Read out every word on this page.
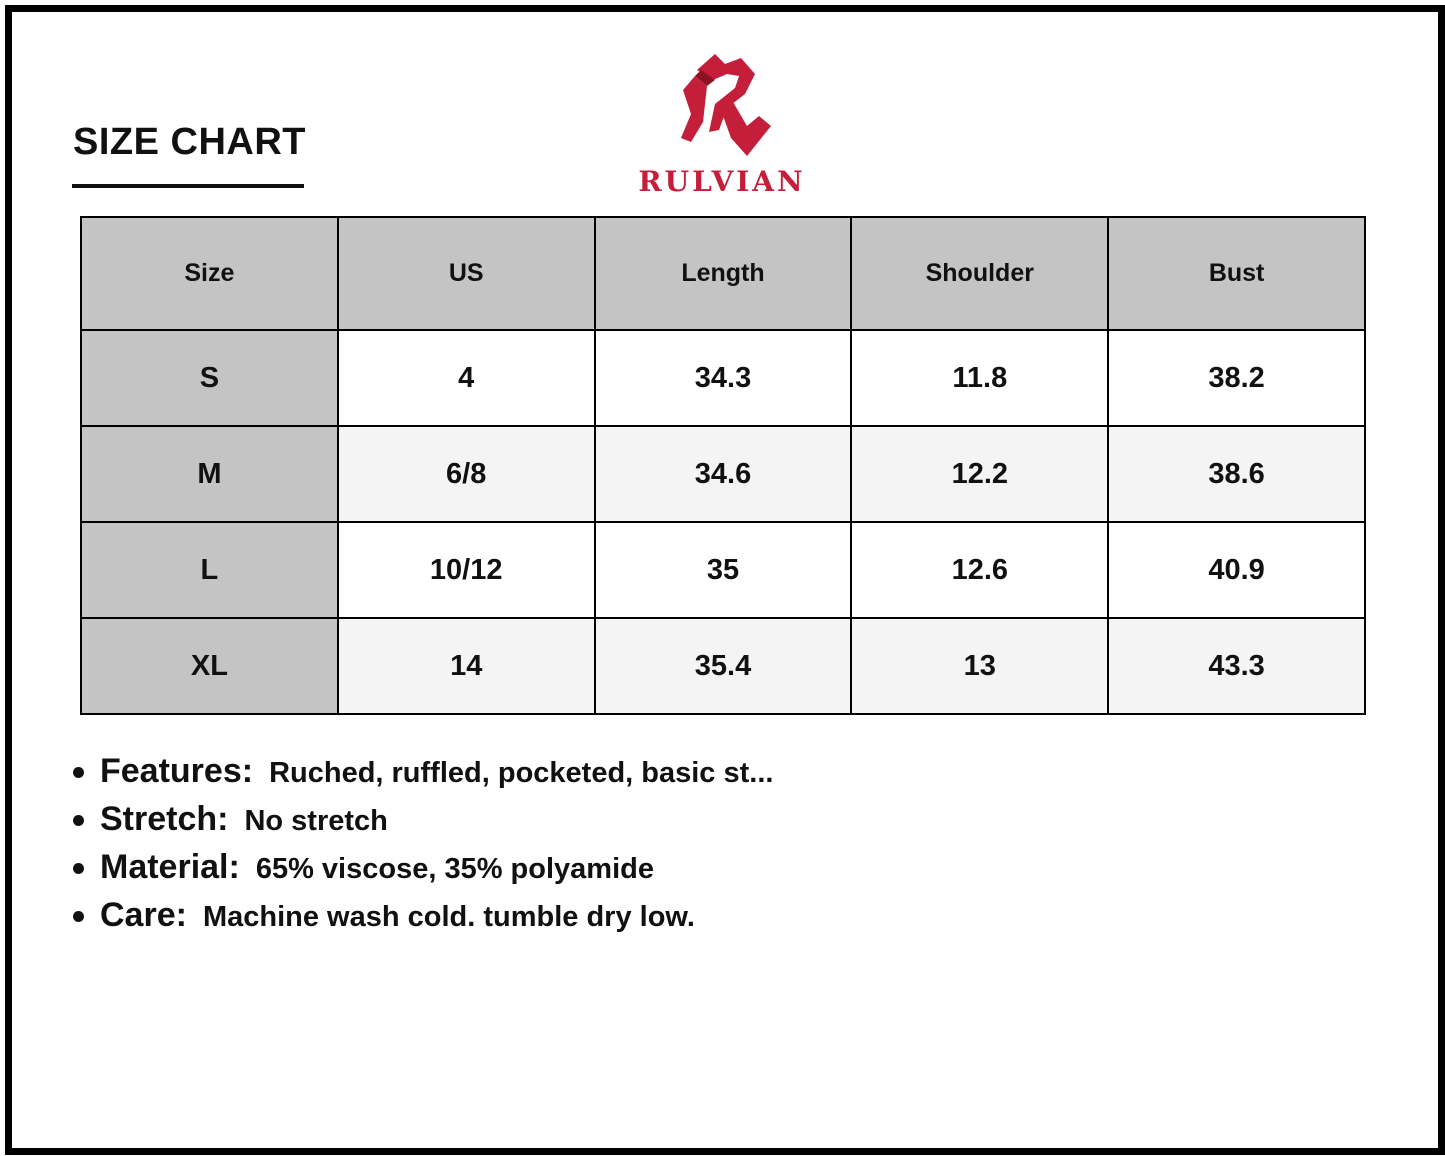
SIZE CHART
RULVIAN
Size	US	Length	Shoulder	Bust
S	4	34.3	11.8	38.2
M	6/8	34.6	12.2	38.6
L	10/12	35	12.6	40.9
XL	14	35.4	13	43.3
Features: Ruched, ruffled, pocketed, basic st...
Stretch: No stretch
Material: 65% viscose, 35% polyamide
Care: Machine wash cold. tumble dry low.
